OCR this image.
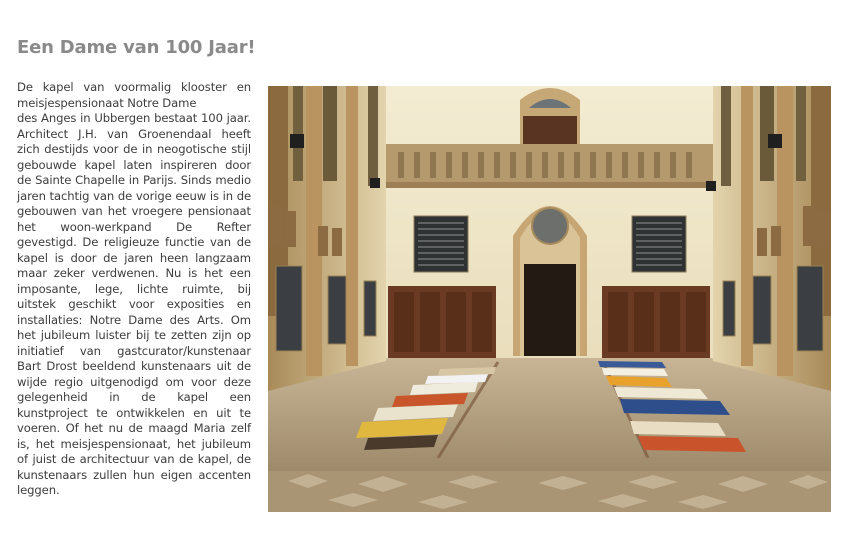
Een Dame van 100 Jaar!

De kapel van voormalig klooster en meisjespensionaat Notre Dame
des Anges in Ubbergen bestaat 100 jaar. Architect J.H. van Groenendaal heeft zich destijds voor de in neogotische stijl gebouwde kapel laten inspireren door de Sainte Chapelle in Parijs. Sinds medio jaren tachtig van de vorige eeuw is in de gebouwen van het vroegere pensionaat het woon-werkpand De Refter gevestigd. De religieuze functie van de kapel is door de jaren heen langzaam maar zeker verdwenen. Nu is het een imposante, lege, lichte ruimte, bij uitstek geschikt voor exposities en installaties: Notre Dame des Arts. Om het jubileum luister bij te zetten zijn op initiatief van gastcurator/kunstenaar Bart Drost beeldend kunstenaars uit de wijde regio uitgenodigd om voor deze gelegenheid in de kapel een kunstproject te ontwikkelen en uit te voeren. Of het nu de maagd Maria zelf is, het meisjespensionaat, het jubileum of juist de architectuur van de kapel, de kunstenaars zullen hun eigen accenten leggen.
